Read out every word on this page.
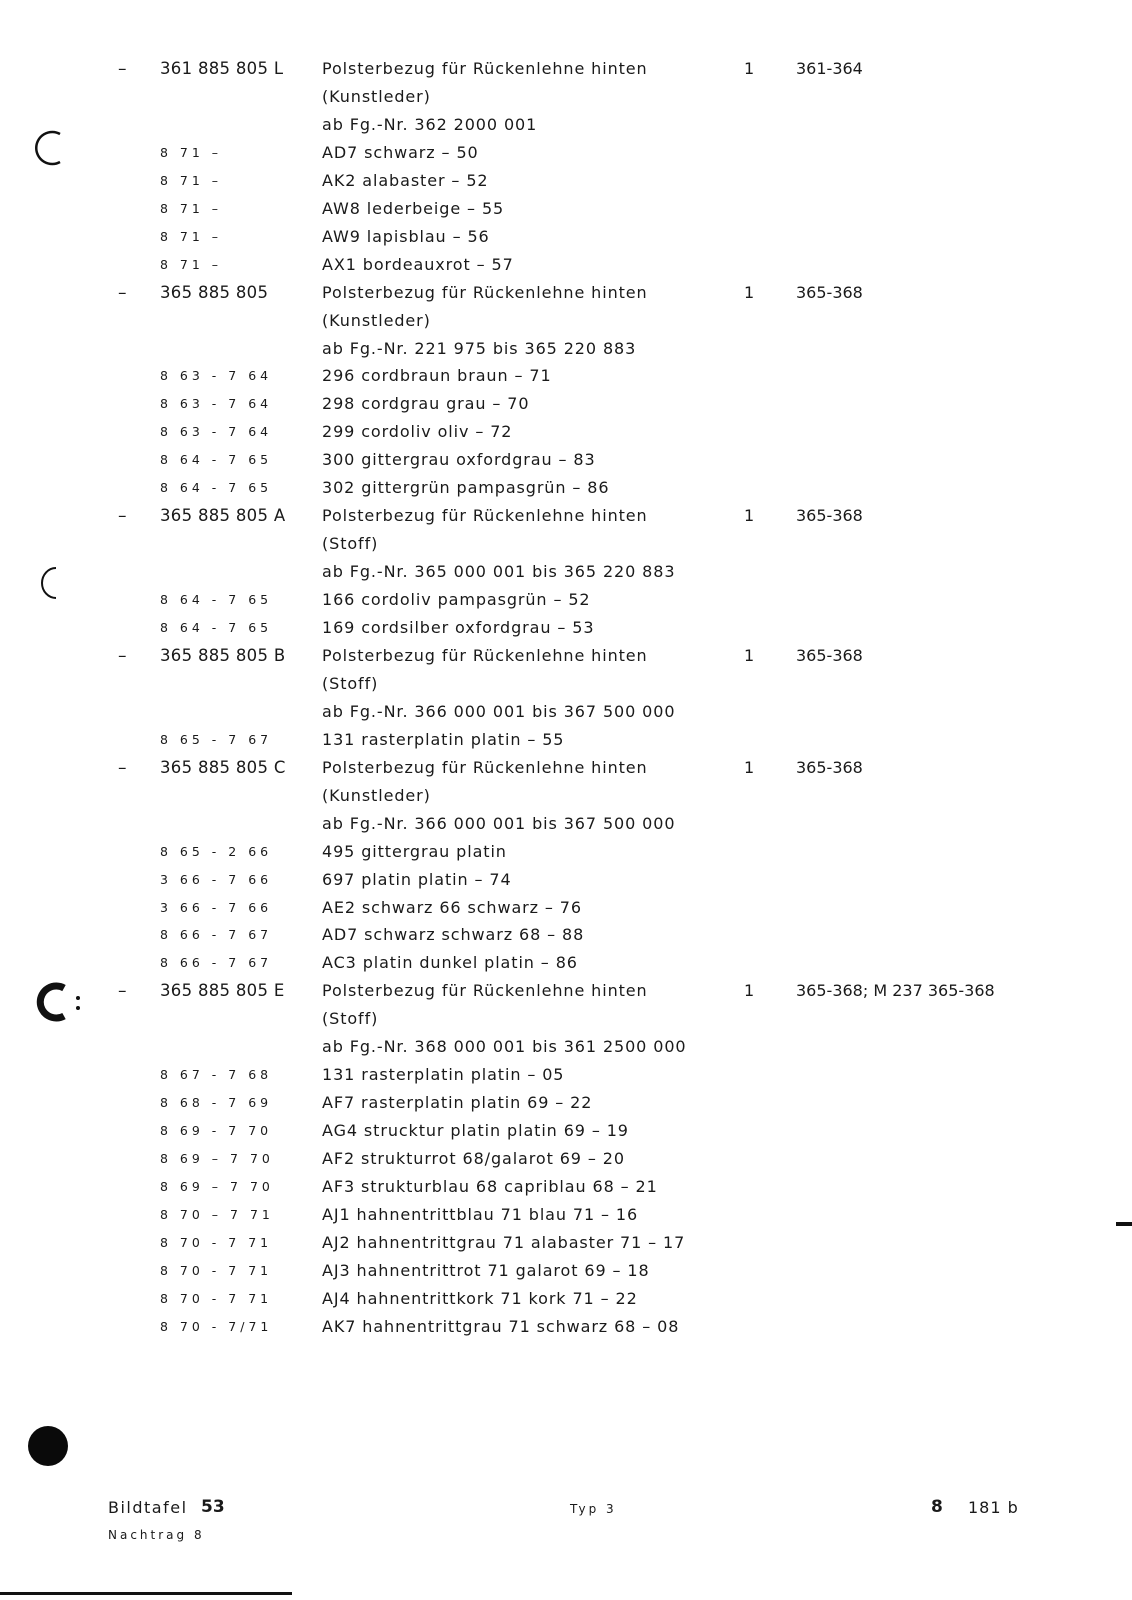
– 361 885 805 L Polsterbezug für Rückenlehne hinten	1	361-364
(Kunstleder)
ab Fg.-Nr. 362 2000 001
8 71 –	AD7 schwarz – 50
8 71 –	AK2 alabaster – 52
8 71 –	AW8 lederbeige – 55
8 71 –	AW9 lapisblau – 56
8 71 –	AX1 bordeauxrot – 57
– 365 885 805	Polsterbezug für Rückenlehne hinten	1	365-368
(Kunstleder)
ab Fg.-Nr. 221 975 bis 365 220 883
8 63 - 7 64	296 cordbraun braun – 71
8 63 - 7 64	298 cordgrau grau – 70
8 63 - 7 64	299 cordoliv oliv – 72
8 64 - 7 65	300 gittergrau oxfordgrau – 83
8 64 - 7 65	302 gittergrün pampasgrün – 86
– 365 885 805 A Polsterbezug für Rückenlehne hinten	1	365-368
(Stoff)
ab Fg.-Nr. 365 000 001 bis 365 220 883
8 64 - 7 65	166 cordoliv pampasgrün – 52
8 64 - 7 65	169 cordsilber oxfordgrau – 53
– 365 885 805 B Polsterbezug für Rückenlehne hinten	1	365-368
(Stoff)
ab Fg.-Nr. 366 000 001 bis 367 500 000
8 65 - 7 67	131 rasterplatin platin – 55
– 365 885 805 C Polsterbezug für Rückenlehne hinten	1	365-368
(Kunstleder)
ab Fg.-Nr. 366 000 001 bis 367 500 000
8 65 - 2 66	495 gittergrau platin
3 66 - 7 66	697 platin platin – 74
3 66 - 7 66	AE2 schwarz 66 schwarz – 76
8 66 - 7 67	AD7 schwarz schwarz 68 – 88
8 66 - 7 67	AC3 platin dunkel platin – 86
– 365 885 805 E Polsterbezug für Rückenlehne hinten	1	365-368; M 237 365-368
(Stoff)
ab Fg.-Nr. 368 000 001 bis 361 2500 000
8 67 - 7 68	131 rasterplatin platin – 05
8 68 - 7 69	AF7 rasterplatin platin 69 – 22
8 69 - 7 70	AG4 strucktur platin platin 69 – 19
8 69 – 7 70	AF2 strukturrot 68/galarot 69 – 20
8 69 – 7 70	AF3 strukturblau 68 capriblau 68 – 21
8 70 – 7 71	AJ1 hahnentrittblau 71 blau 71 – 16
8 70 - 7 71	AJ2 hahnentrittgrau 71 alabaster 71 – 17
8 70 - 7 71	AJ3 hahnentrittrot 71 galarot 69 – 18
8 70 - 7 71	AJ4 hahnentrittkork 71 kork 71 – 22
8 70 - 7/71	AK7 hahnentrittgrau 71 schwarz 68 – 08
Bildtafel 53
Nachtrag 8
Typ 3	8 181 b
